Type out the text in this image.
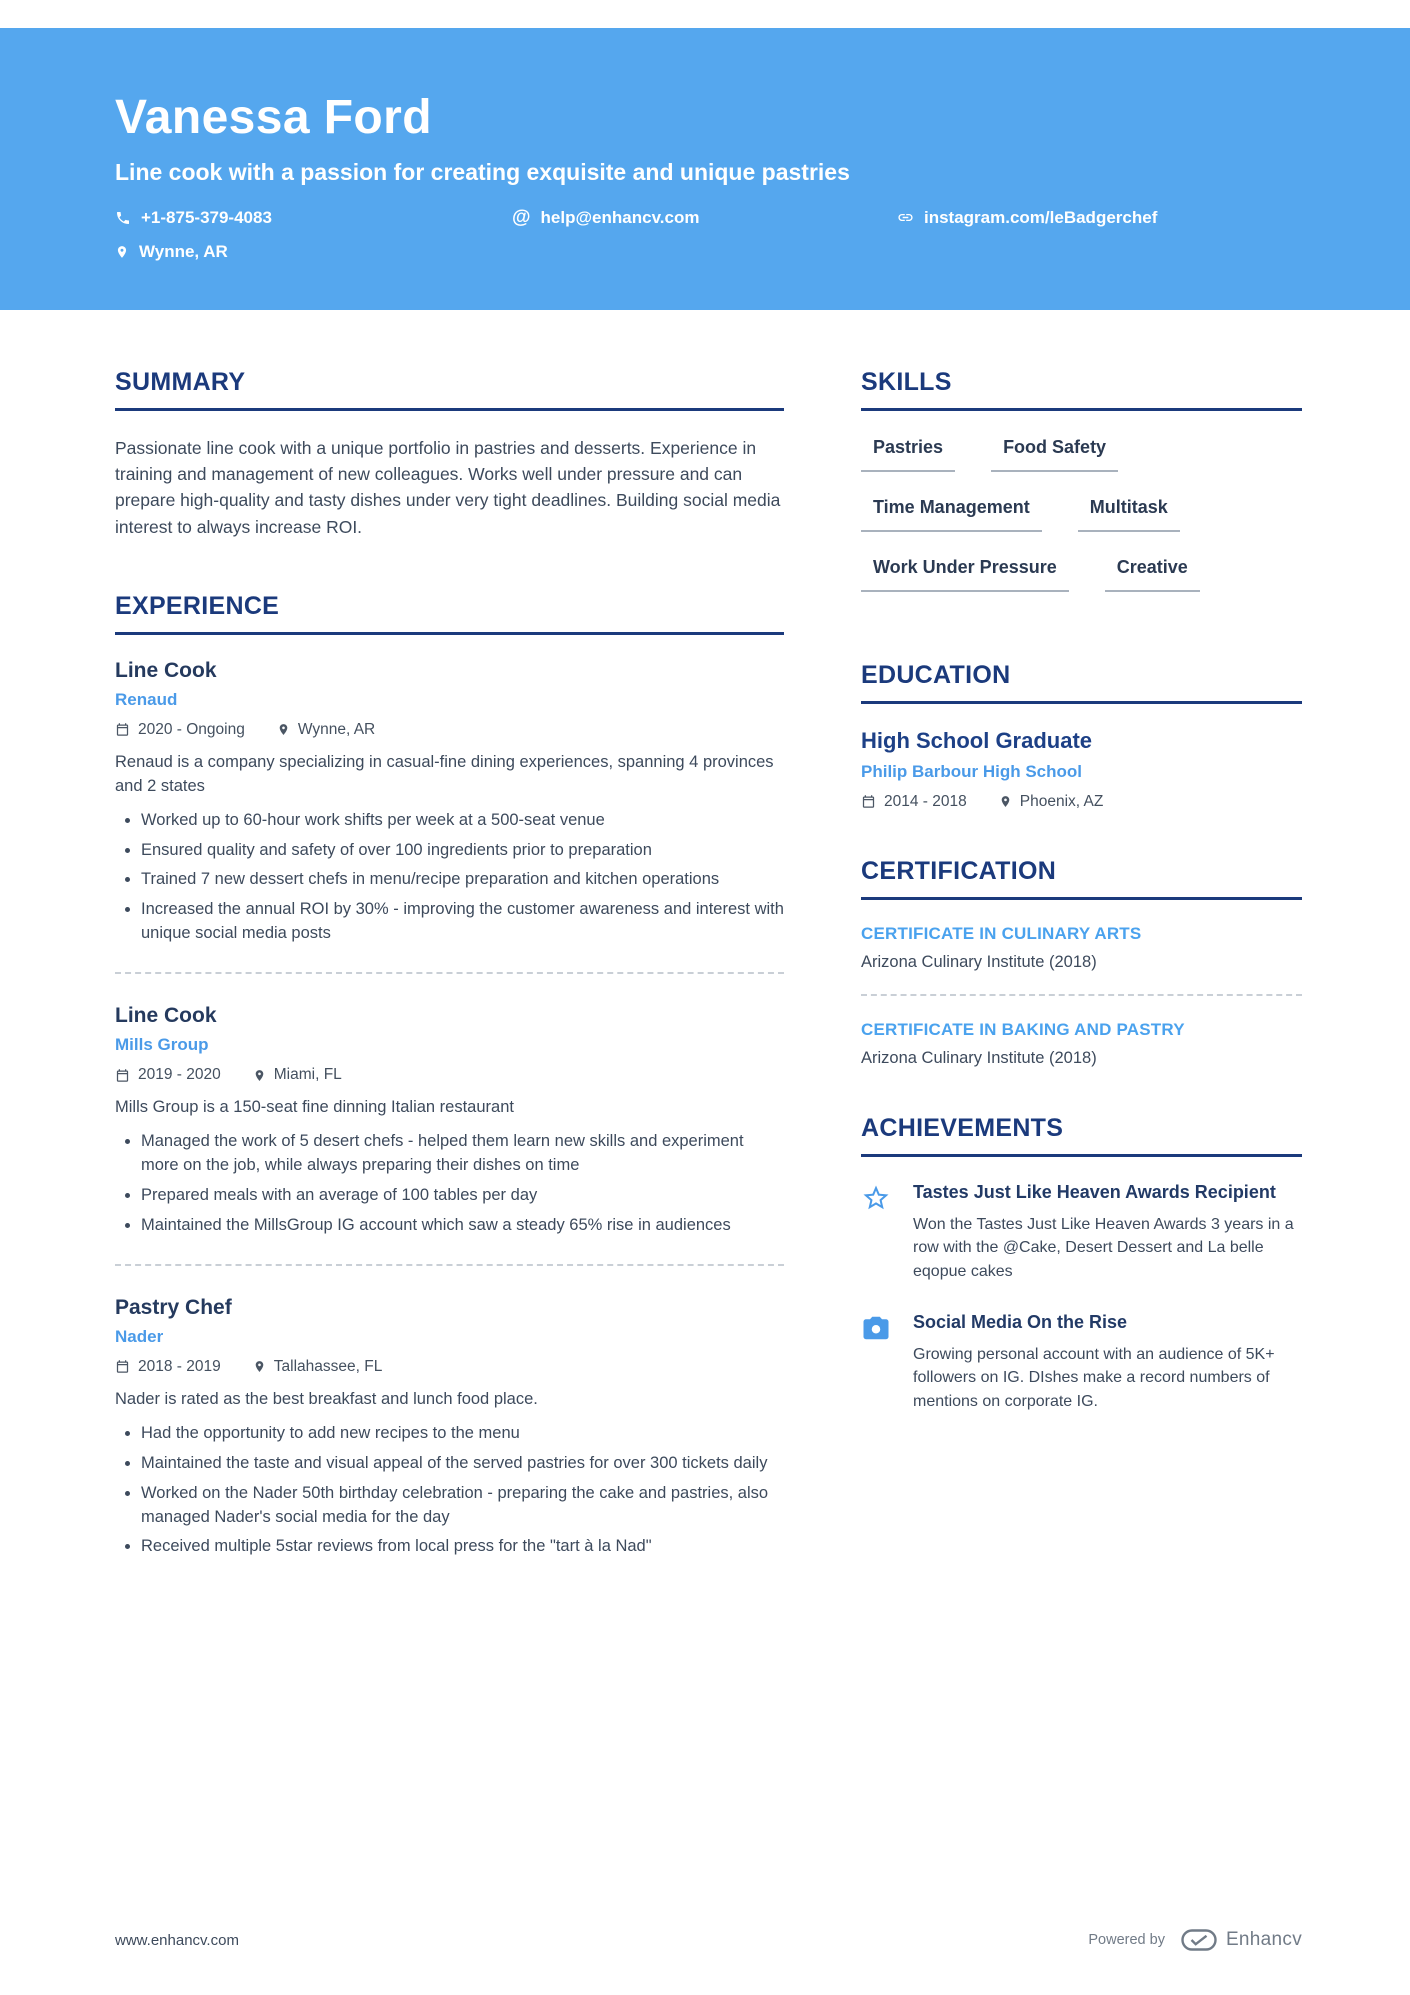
Vanessa Ford
Line cook with a passion for creating exquisite and unique pastries
+1-875-379-4083	@ help@enhancv.com	instagram.com/leBadgerchef
Wynne, AR
SUMMARY

Passionate line cook with a unique portfolio in pastries and desserts. Experience in training and management of new colleagues. Works well under pressure and can prepare high-quality and tasty dishes under very tight deadlines. Building social media interest to always increase ROI.

EXPERIENCE
Line Cook
Renaud
2020 - Ongoing	Wynne, AR

Renaud is a company specializing in casual-fine dining experiences, spanning 4 provinces and 2 states

• Worked up to 60-hour work shifts per week at a 500-seat venue
• Ensured quality and safety of over 100 ingredients prior to preparation
• Trained 7 new dessert chefs in menu/recipe preparation and kitchen operations
• Increased the annual ROI by 30% - improving the customer awareness and interest with unique social media posts
Line Cook
Mills Group
2019 - 2020	Miami, FL

Mills Group is a 150-seat fine dinning Italian restaurant

• Managed the work of 5 desert chefs - helped them learn new skills and experiment more on the job, while always preparing their dishes on time
• Prepared meals with an average of 100 tables per day
• Maintained the MillsGroup IG account which saw a steady 65% rise in audiences
Pastry Chef
Nader
2018 - 2019	Tallahassee, FL

Nader is rated as the best breakfast and lunch food place.

• Had the opportunity to add new recipes to the menu
• Maintained the taste and visual appeal of the served pastries for over 300 tickets daily
• Worked on the Nader 50th birthday celebration - preparing the cake and pastries, also managed Nader's social media for the day
• Received multiple 5star reviews from local press for the "tart à la Nad"
SKILLS
Pastries	Food Safety
Time Management	Multitask
Work Under Pressure	Creative
EDUCATION
High School Graduate
Philip Barbour High School
2014 - 2018	Phoenix, AZ
CERTIFICATION
CERTIFICATE IN CULINARY ARTS
Arizona Culinary Institute (2018)
CERTIFICATE IN BAKING AND PASTRY
Arizona Culinary Institute (2018)
ACHIEVEMENTS
Tastes Just Like Heaven Awards Recipient
Won the Tastes Just Like Heaven Awards 3 years in a row with the @Cake, Desert Dessert and La belle eqopue cakes
Social Media On the Rise
Growing personal account with an audience of 5K+ followers on IG. DIshes make a record numbers of mentions on corporate IG.
www.enhancv.com	Powered by	Enhancv
